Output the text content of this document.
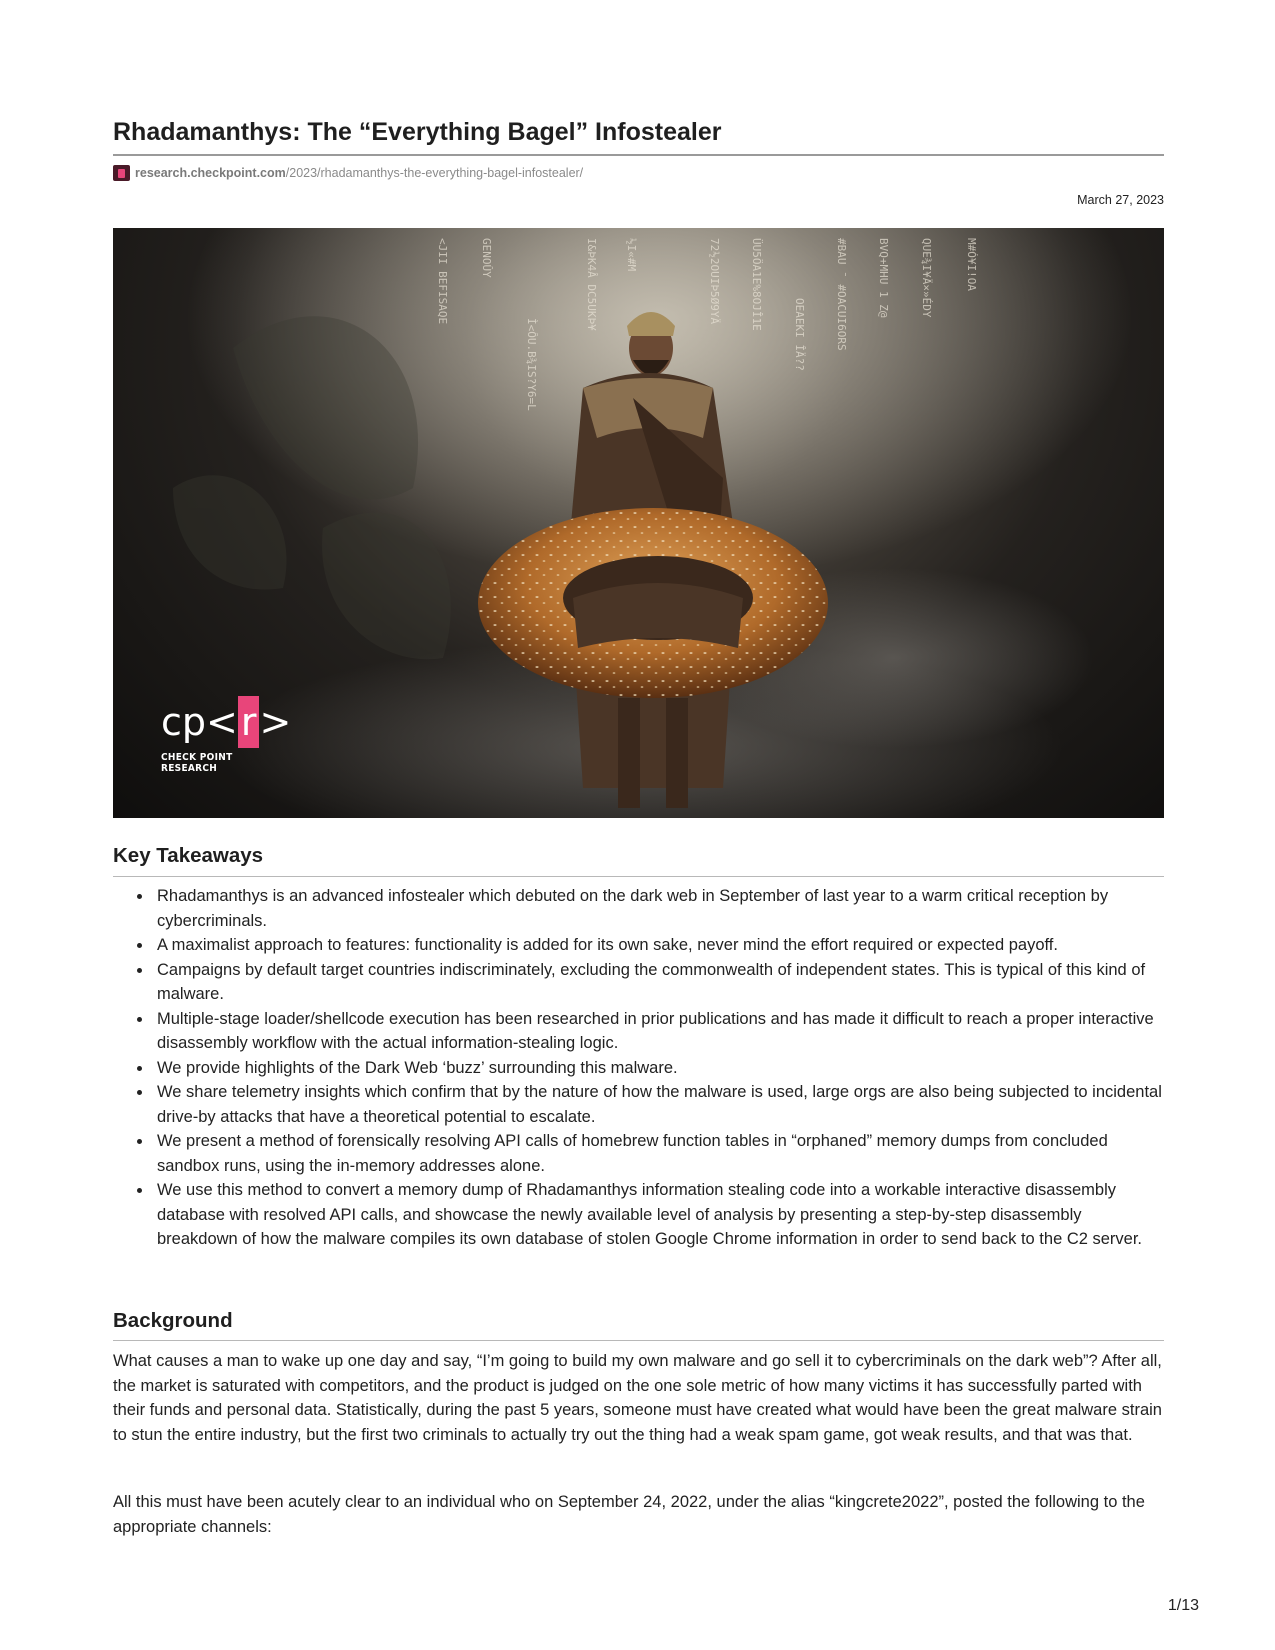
Rhadamanthys: The “Everything Bagel” Infostealer
research.checkpoint.com /2023/rhadamanthys-the-everything-bagel-infostealer/
March 27, 2023
I&ÞK4Â DC5UKÞ¥ ½I«#M	72½2OUIÞ5Ø9YÄ	ÜU5ÖA1E%8OJÎ1E
OEAEKI ÎÄ??	#BAU ¯ #OACUI6ORS	BVQ+MHU 1 Z@	QUE¾I¥Ä×»ÉDY	M#Ó¥I!OA
GENOÛY
Ì<ÔU.B¾IS?Y6=L
<JII BEFISAQE
cp< r >
CHECK POINT RESEARCH
Key Takeaways
Rhadamanthys is an advanced infostealer which debuted on the dark web in September of last year to a warm critical reception by cybercriminals.
A maximalist approach to features: functionality is added for its own sake, never mind the effort required or expected payoff.
Campaigns by default target countries indiscriminately, excluding the commonwealth of independent states. This is typical of this kind of malware.
Multiple-stage loader/shellcode execution has been researched in prior publications and has made it difficult to reach a proper interactive disassembly workflow with the actual information-stealing logic.
We provide highlights of the Dark Web ‘buzz’ surrounding this malware.
We share telemetry insights which confirm that by the nature of how the malware is used, large orgs are also being subjected to incidental drive-by attacks that have a theoretical potential to escalate.
We present a method of forensically resolving API calls of homebrew function tables in “orphaned” memory dumps from concluded sandbox runs, using the in-memory addresses alone.
We use this method to convert a memory dump of Rhadamanthys information stealing code into a workable interactive disassembly database with resolved API calls, and showcase the newly available level of analysis by presenting a step-by-step disassembly breakdown of how the malware compiles its own database of stolen Google Chrome information in order to send back to the C2 server.
Background

What causes a man to wake up one day and say, “I’m going to build my own malware and go sell it to cybercriminals on the dark web”? After all, the market is saturated with competitors, and the product is judged on the one sole metric of how many victims it has successfully parted with their funds and personal data. Statistically, during the past 5 years, someone must have created what would have been the great malware strain to stun the entire industry, but the first two criminals to actually try out the thing had a weak spam game, got weak results, and that was that.

All this must have been acutely clear to an individual who on September 24, 2022, under the alias “kingcrete2022”, posted the following to the appropriate channels:

1/13
